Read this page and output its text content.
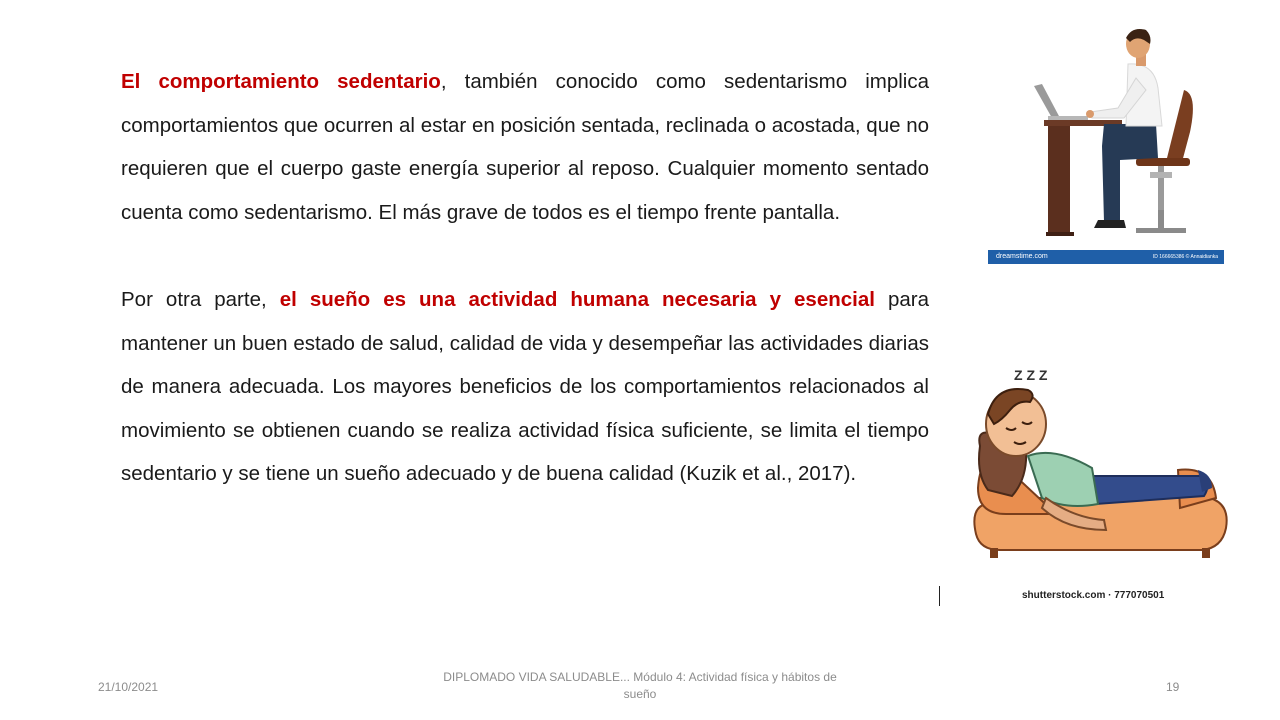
El comportamiento sedentario, también conocido como sedentarismo implica comportamientos que ocurren al estar en posición sentada, reclinada o acostada, que no requieren que el cuerpo gaste energía superior al reposo. Cualquier momento sentado cuenta como sedentarismo. El más grave de todos es el tiempo frente pantalla.

Por otra parte, el sueño es una actividad humana necesaria y esencial para mantener un buen estado de salud, calidad de vida y desempeñar las actividades diarias de manera adecuada. Los mayores beneficios de los comportamientos relacionados al movimiento se obtienen cuando se realiza actividad física suficiente, se limita el tiempo sedentario y se tiene un sueño adecuado y de buena calidad (Kuzik et al., 2017).

dreamstime.com	ID 166665386 © Annaidianka
Z Z Z
shutterstock.com · 777070501
21/10/2021
DIPLOMADO VIDA SALUDABLE... Módulo 4: Actividad física y hábitos de sueño	19
